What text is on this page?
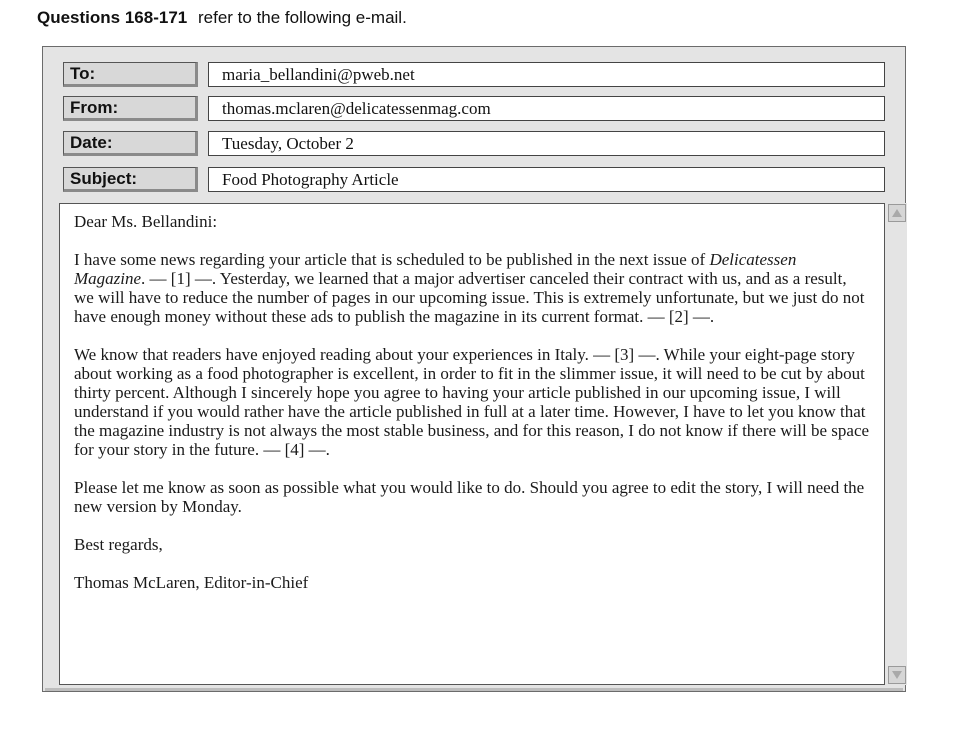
Questions 168-171 refer to the following e-mail.
To:	maria_bellandini@pweb.net
From:	thomas.mclaren@delicatessenmag.com
Date:	Tuesday, October 2
Subject:	Food Photography Article

Dear Ms. Bellandini:

I have some news regarding your article that is scheduled to be published in the next issue of Delicatessen Magazine. — [1] —. Yesterday, we learned that a major advertiser canceled their contract with us, and as a result, we will have to reduce the number of pages in our upcoming issue. This is extremely unfortunate, but we just do not have enough money without these ads to publish the magazine in its current format. — [2] —.

We know that readers have enjoyed reading about your experiences in Italy. — [3] —. While your eight-page story about working as a food photographer is excellent, in order to fit in the slimmer issue, it will need to be cut by about thirty percent. Although I sincerely hope you agree to having your article published in our upcoming issue, I will understand if you would rather have the article published in full at a later time. However, I have to let you know that the magazine industry is not always the most stable business, and for this reason, I do not know if there will be space for your story in the future. — [4] —.

Please let me know as soon as possible what you would like to do. Should you agree to edit the story, I will need the new version by Monday.

Best regards,

Thomas McLaren, Editor-in-Chief
